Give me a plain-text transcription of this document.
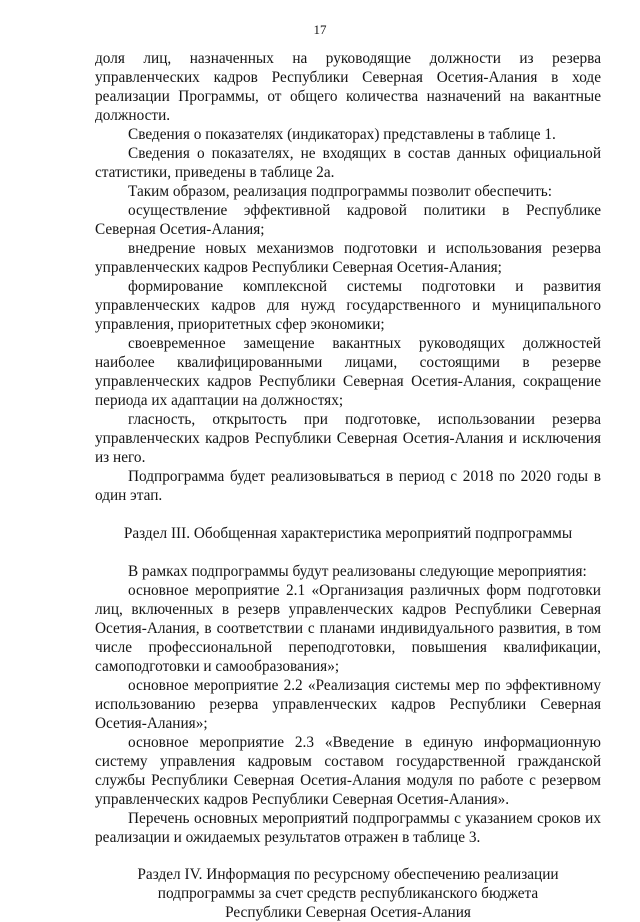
17

доля лиц, назначенных на руководящие должности из резерва управленческих кадров Республики Северная Осетия-Алания в ходе реализации Программы, от общего количества назначений на вакантные должности.

Сведения о показателях (индикаторах) представлены в таблице 1.

Сведения о показателях, не входящих в состав данных официальной статистики, приведены в таблице 2а.

Таким образом, реализация подпрограммы позволит обеспечить:

осуществление эффективной кадровой политики в Республике Северная Осетия-Алания;

внедрение новых механизмов подготовки и использования резерва управленческих кадров Республики Северная Осетия-Алания;

формирование комплексной системы подготовки и развития управленческих кадров для нужд государственного и муниципального управления, приоритетных сфер экономики;

своевременное замещение вакантных руководящих должностей наиболее квалифицированными лицами, состоящими в резерве управленческих кадров Республики Северная Осетия-Алания, сокращение периода их адаптации на должностях;

гласность, открытость при подготовке, использовании резерва управленческих кадров Республики Северная Осетия-Алания и исключения из него.

Подпрограмма будет реализовываться в период с 2018 по 2020 годы в один этап.

Раздел III. Обобщенная характеристика мероприятий подпрограммы

В рамках подпрограммы будут реализованы следующие мероприятия:

основное мероприятие 2.1 «Организация различных форм подготовки лиц, включенных в резерв управленческих кадров Республики Северная Осетия-Алания, в соответствии с планами индивидуального развития, в том числе профессиональной переподготовки, повышения квалификации, самоподготовки и самообразования»;

основное мероприятие 2.2 «Реализация системы мер по эффективному использованию резерва управленческих кадров Республики Северная Осетия-Алания»;

основное мероприятие 2.3 «Введение в единую информационную систему управления кадровым составом государственной гражданской службы Республики Северная Осетия-Алания модуля по работе с резервом управленческих кадров Республики Северная Осетия-Алания».

Перечень основных мероприятий подпрограммы с указанием сроков их реализации и ожидаемых результатов отражен в таблице 3.

Раздел IV. Информация по ресурсному обеспечению реализации
подпрограммы за счет средств республиканского бюджета
Республики Северная Осетия-Алания
